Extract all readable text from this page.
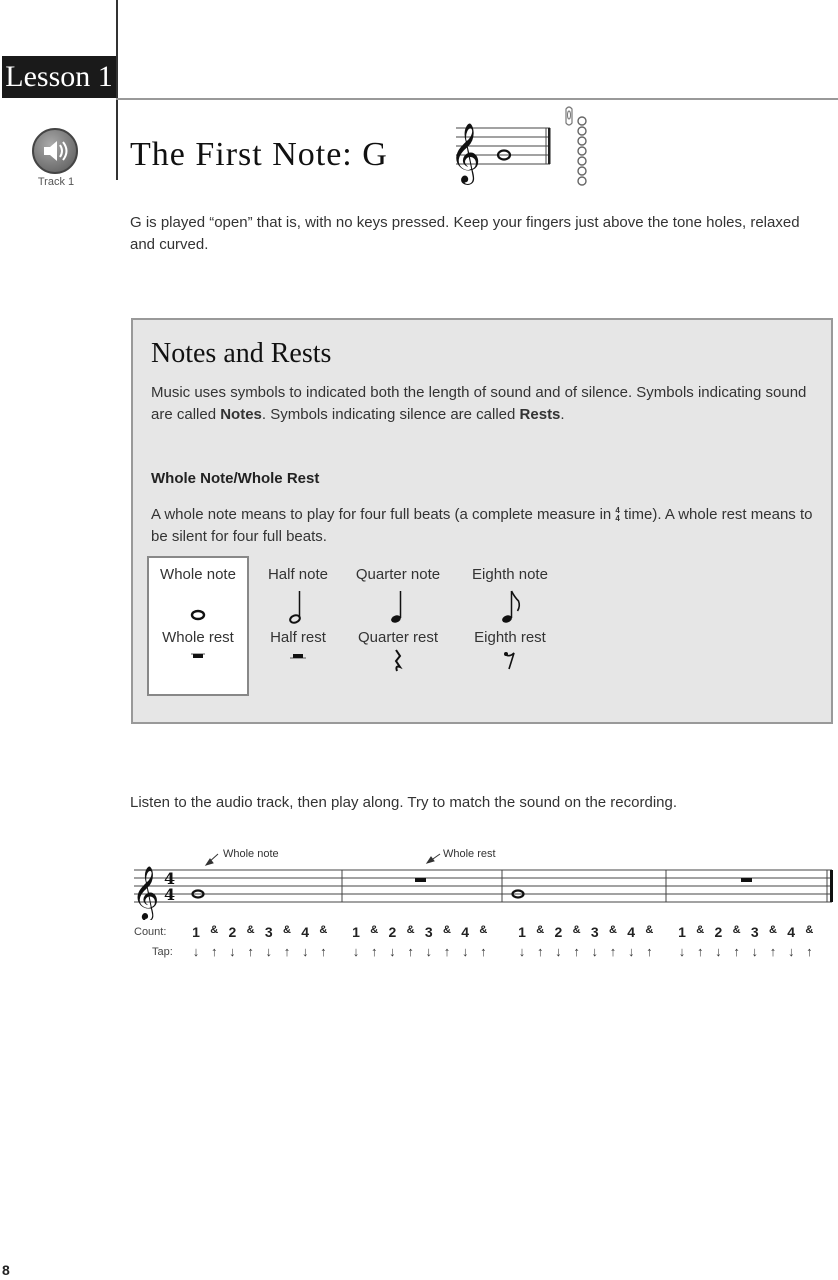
Lesson 1
Track 1
The First Note: G 𝄞
G is played “open” that is, with no keys pressed. Keep your fingers just above the tone holes, relaxed and curved.
Notes and Rests
Music uses symbols to indicated both the length of sound and of silence. Symbols indicating sound are called Notes. Symbols indicating silence are called Rests.
Whole Note/Whole Rest
A whole note means to play for four full beats (a complete measure in 4
4 time). A whole rest means to be silent for four full beats.
Whole note
Whole rest
Half note
Half rest
Quarter note
Quarter rest
Eighth note
Eighth rest
Listen to the audio track, then play along. Try to match the sound on the recording.
𝄞 4
4
Whole note	Whole rest
Count:
Tap:
1
↓
&
↑
2
↓
&
↑
3
↓
&
↑
4
↓
&
↑
1
↓
&
↑
2
↓
&
↑
3
↓
&
↑
4
↓
&
↑
1
↓
&
↑
2
↓
&
↑
3
↓
&
↑
4
↓
&
↑
1
↓
&
↑
2
↓
&
↑
3
↓
&
↑
4
↓
&
↑
8
